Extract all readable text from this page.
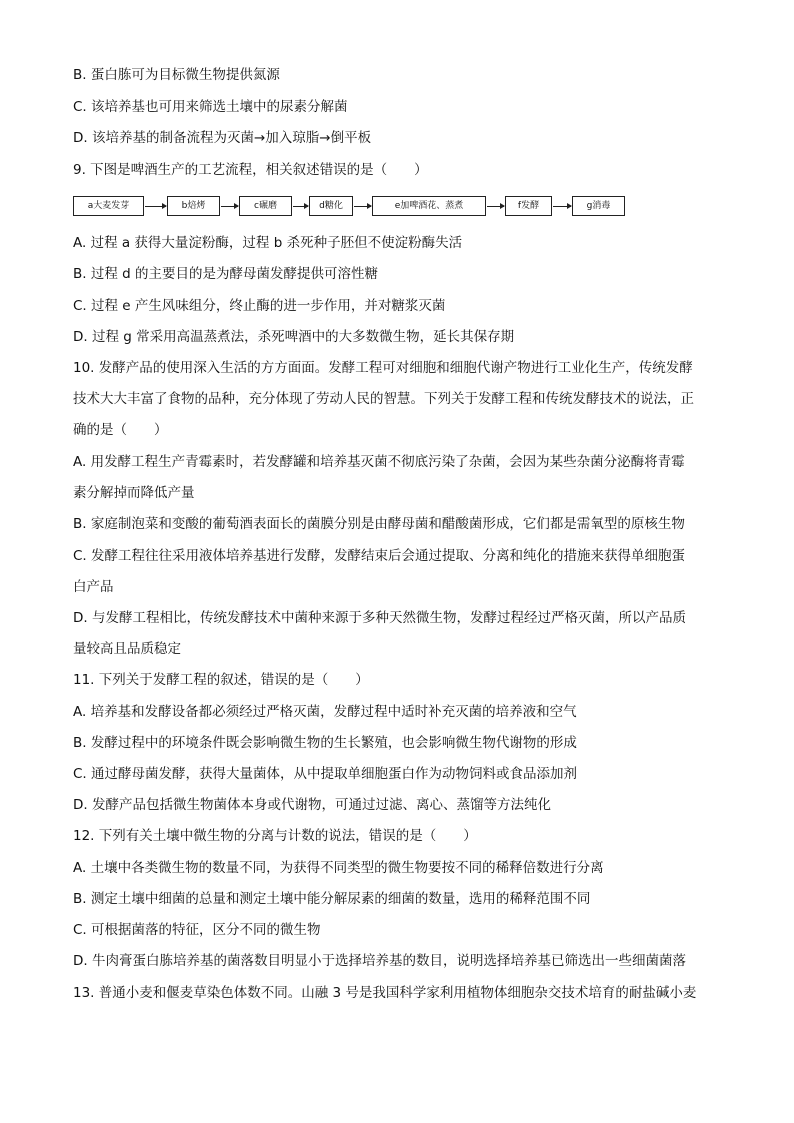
B. 蛋白胨可为目标微生物提供氮源
C. 该培养基也可用来筛选土壤中的尿素分解菌
D. 该培养基的制备流程为灭菌→加入琼脂→倒平板
9. 下图是啤酒生产的工艺流程，相关叙述错误的是（　　）
a大麦发芽	b焙烤	c碾磨	d糖化	e加啤酒花、蒸煮	f发酵	g消毒
A. 过程 a 获得大量淀粉酶，过程 b 杀死种子胚但不使淀粉酶失活
B. 过程 d 的主要目的是为酵母菌发酵提供可溶性糖
C. 过程 e 产生风味组分，终止酶的进一步作用，并对糖浆灭菌
D. 过程 g 常采用高温蒸煮法，杀死啤酒中的大多数微生物，延长其保存期
10. 发酵产品的使用深入生活的方方面面。发酵工程可对细胞和细胞代谢产物进行工业化生产，传统发酵
技术大大丰富了食物的品种，充分体现了劳动人民的智慧。下列关于发酵工程和传统发酵技术的说法，正
确的是（　　）
A. 用发酵工程生产青霉素时，若发酵罐和培养基灭菌不彻底污染了杂菌，会因为某些杂菌分泌酶将青霉
素分解掉而降低产量
B. 家庭制泡菜和变酸的葡萄酒表面长的菌膜分别是由酵母菌和醋酸菌形成，它们都是需氧型的原核生物
C. 发酵工程往往采用液体培养基进行发酵，发酵结束后会通过提取、分离和纯化的措施来获得单细胞蛋
白产品
D. 与发酵工程相比，传统发酵技术中菌种来源于多种天然微生物，发酵过程经过严格灭菌，所以产品质
量较高且品质稳定
11. 下列关于发酵工程的叙述，错误的是（　　）
A. 培养基和发酵设备都必须经过严格灭菌，发酵过程中适时补充灭菌的培养液和空气
B. 发酵过程中的环境条件既会影响微生物的生长繁殖，也会影响微生物代谢物的形成
C. 通过酵母菌发酵，获得大量菌体，从中提取单细胞蛋白作为动物饲料或食品添加剂
D. 发酵产品包括微生物菌体本身或代谢物，可通过过滤、离心、蒸馏等方法纯化
12. 下列有关土壤中微生物的分离与计数的说法，错误的是（　　）
A. 土壤中各类微生物的数量不同，为获得不同类型的微生物要按不同的稀释倍数进行分离
B. 测定土壤中细菌的总量和测定土壤中能分解尿素的细菌的数量，选用的稀释范围不同
C. 可根据菌落的特征，区分不同的微生物
D. 牛肉膏蛋白胨培养基的菌落数目明显小于选择培养基的数目，说明选择培养基已筛选出一些细菌菌落
13. 普通小麦和偃麦草染色体数不同。山融 3 号是我国科学家利用植物体细胞杂交技术培育的耐盐碱小麦
